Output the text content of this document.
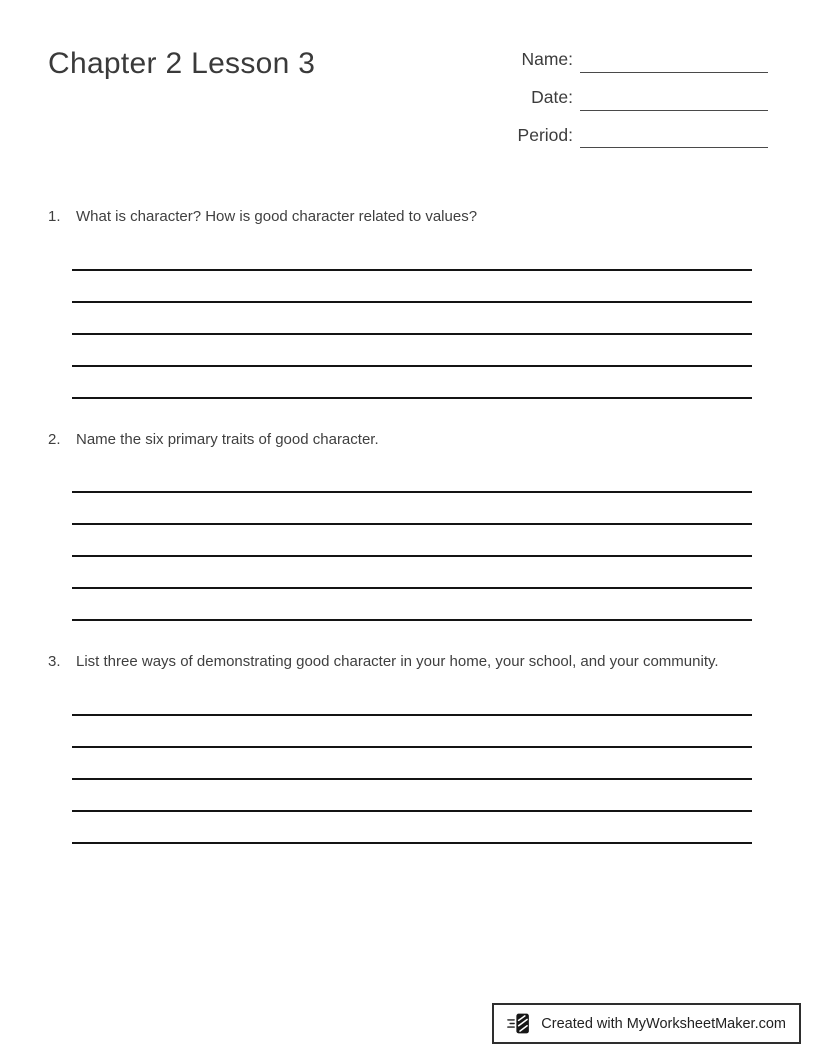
Chapter 2 Lesson 3	Name:
Date:
Period:
1.	What is character? How is good character related to values?
2.	Name the six primary traits of good character.
3.	List three ways of demonstrating good character in your home, your school, and your community.
Created with MyWorksheetMaker.com
